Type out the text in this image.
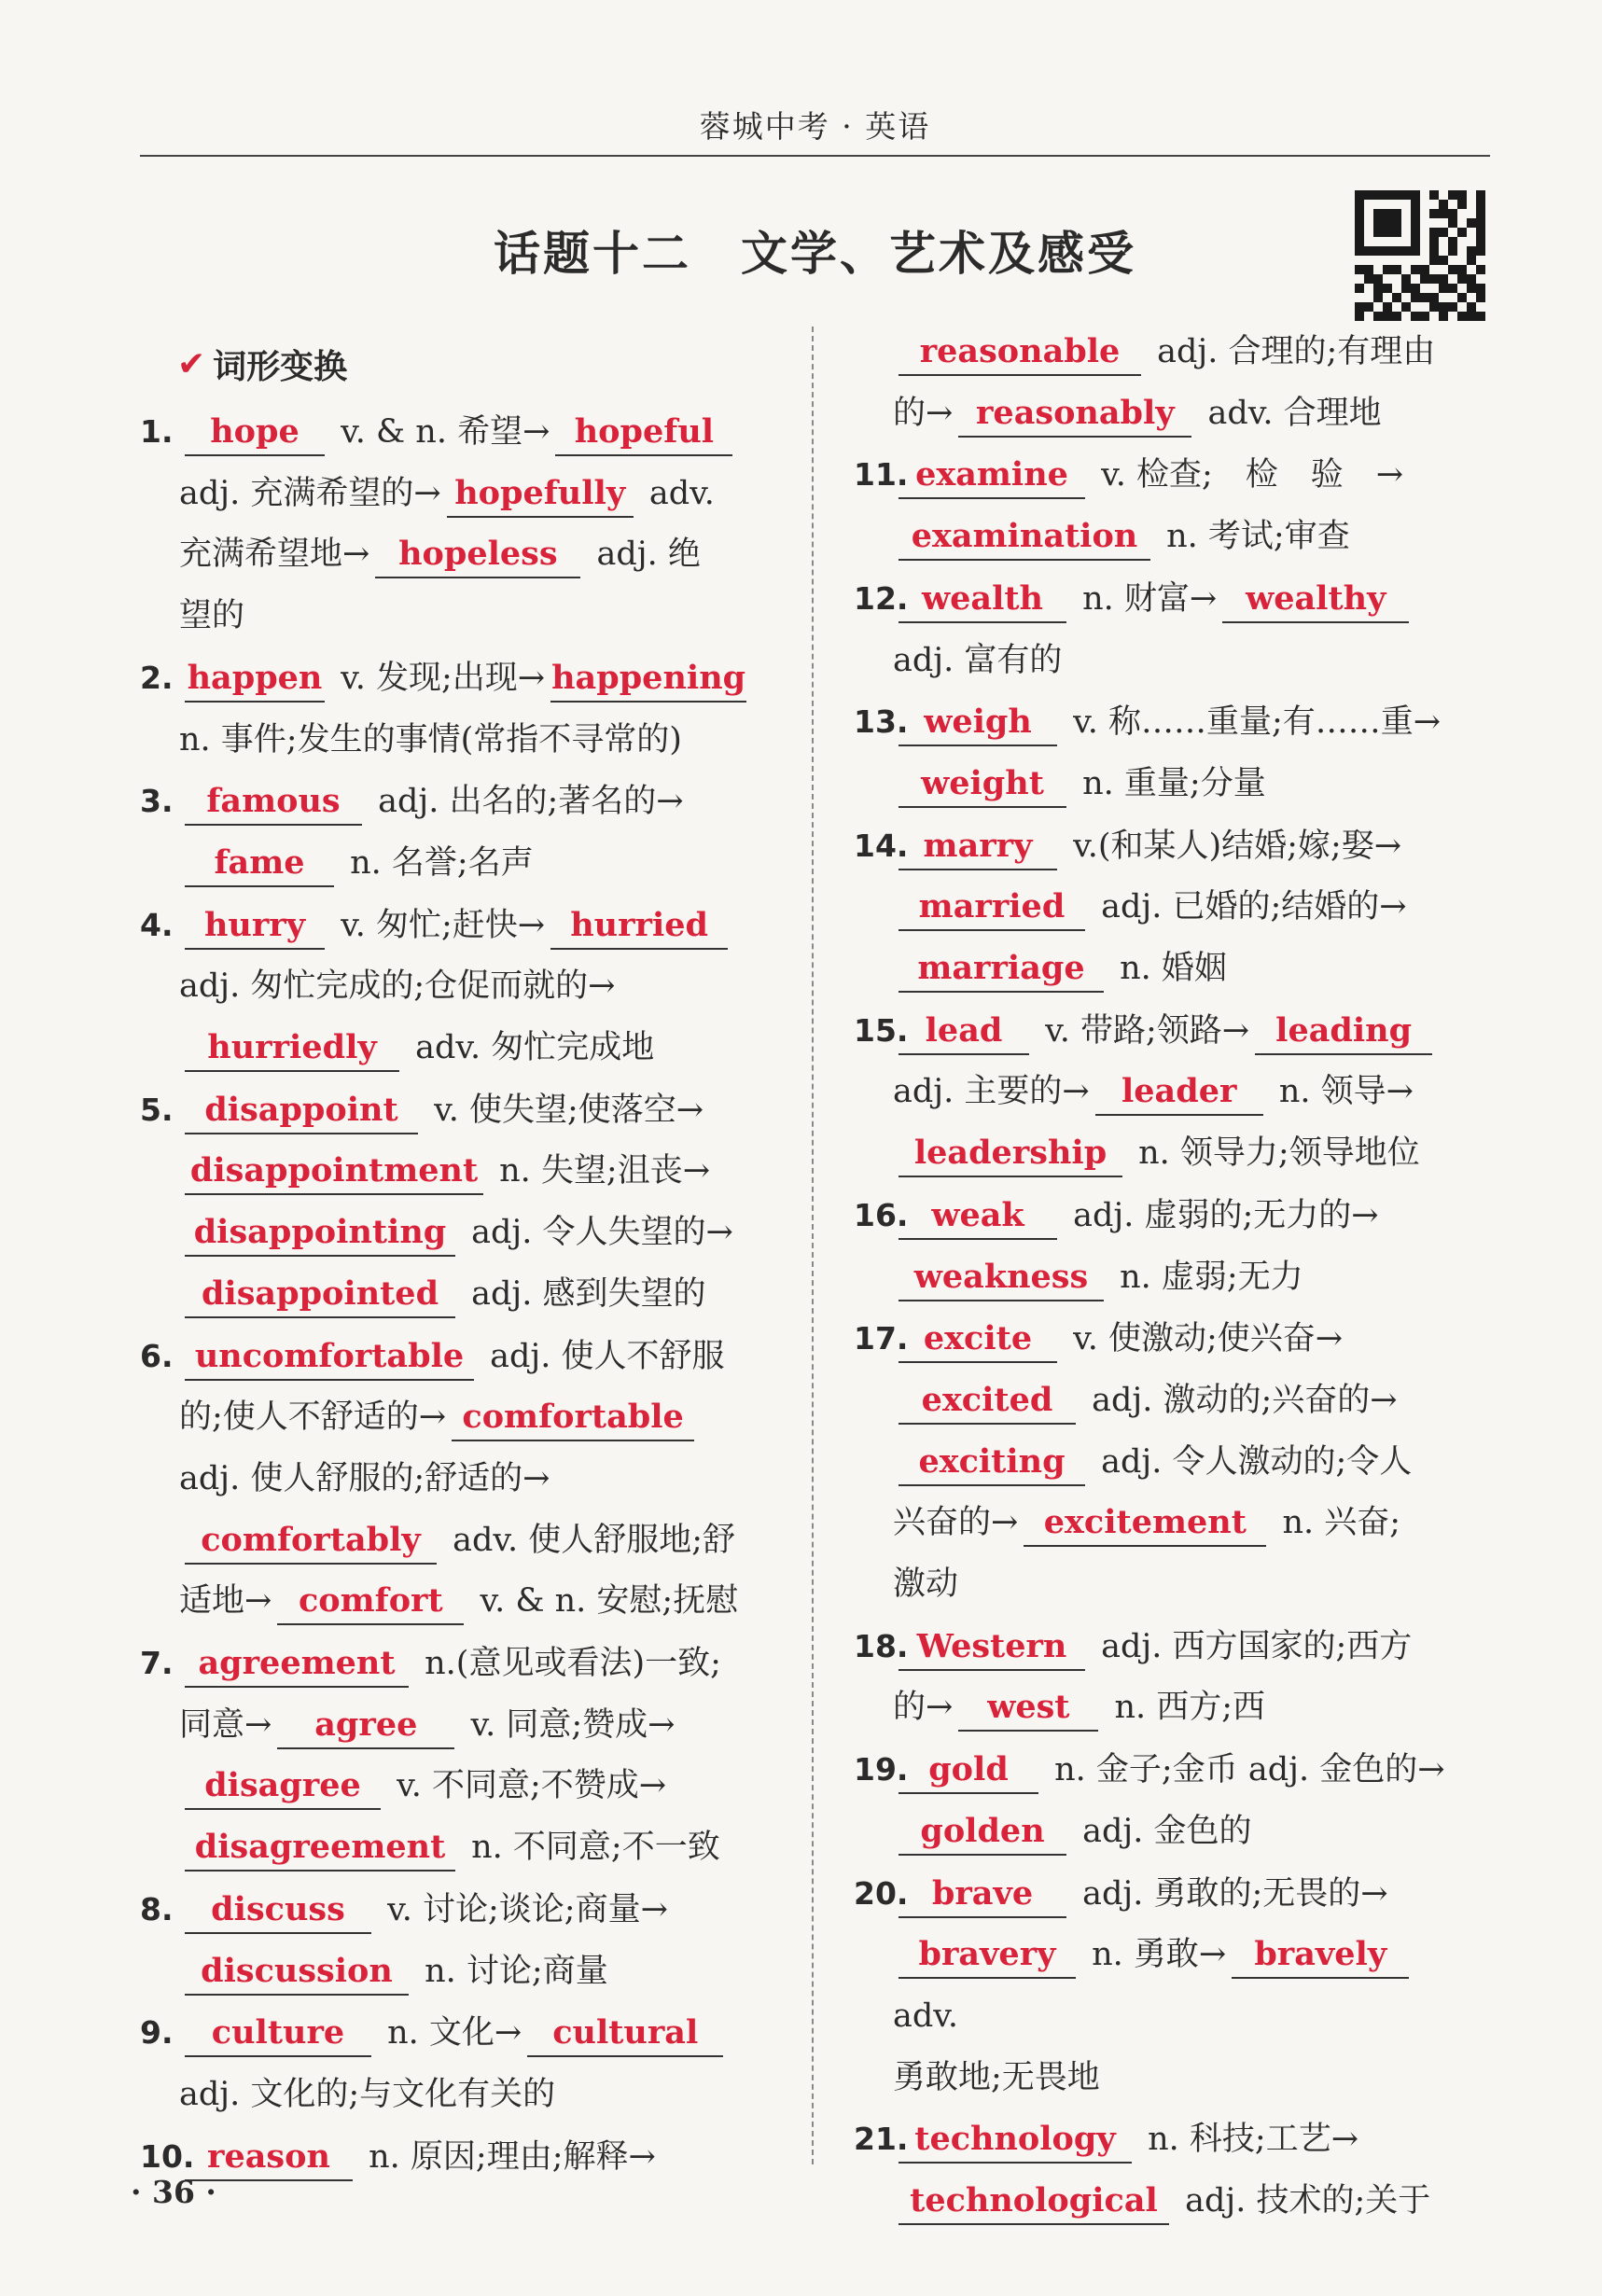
蓉城中考 · 英语
话题十二　文学、艺术及感受
✔ 词形变换
1. hope v. & n. 希望→ hopeful
adj. 充满希望的→ hopefully adv.
充满希望地→ hopeless adj. 绝
望的
2. happen v. 发现;出现→ happening
n. 事件;发生的事情(常指不寻常的)
3. famous adj. 出名的;著名的→
fame n. 名誉;名声
4. hurry v. 匆忙;赶快→ hurried
adj. 匆忙完成的;仓促而就的→
hurriedly adv. 匆忙完成地
5. disappoint v. 使失望;使落空→
disappointment n. 失望;沮丧→
disappointing adj. 令人失望的→
disappointed adj. 感到失望的
6. uncomfortable adj. 使人不舒服
的;使人不舒适的→ comfortable
adj. 使人舒服的;舒适的→
comfortably adv. 使人舒服地;舒
适地→ comfort v. & n. 安慰;抚慰
7. agreement n.(意见或看法)一致;
同意→ agree v. 同意;赞成→
disagree v. 不同意;不赞成→
disagreement n. 不同意;不一致
8. discuss v. 讨论;谈论;商量→
discussion n. 讨论;商量
9. culture n. 文化→ cultural
adj. 文化的;与文化有关的
10. reason n. 原因;理由;解释→
reasonable adj. 合理的;有理由
的→ reasonably adv. 合理地
11. examine v. 检查;　检　验　→
examination n. 考试;审查
12. wealth n. 财富→ wealthy
adj. 富有的
13. weigh v. 称……重量;有……重→
weight n. 重量;分量
14. marry v.(和某人)结婚;嫁;娶→
married adj. 已婚的;结婚的→
marriage n. 婚姻
15. lead v. 带路;领路→ leading
adj. 主要的→ leader n. 领导→
leadership n. 领导力;领导地位
16. weak adj. 虚弱的;无力的→
weakness n. 虚弱;无力
17. excite v. 使激动;使兴奋→
excited adj. 激动的;兴奋的→
exciting adj. 令人激动的;令人
兴奋的→ excitement n. 兴奋;
激动
18. Western adj. 西方国家的;西方
的→ west n. 西方;西
19. gold n. 金子;金币 adj. 金色的→
golden adj. 金色的
20. brave adj. 勇敢的;无畏的→
bravery n. 勇敢→ bravely adv.
勇敢地;无畏地
21. technology n. 科技;工艺→
technological adj. 技术的;关于
· 36 ·
